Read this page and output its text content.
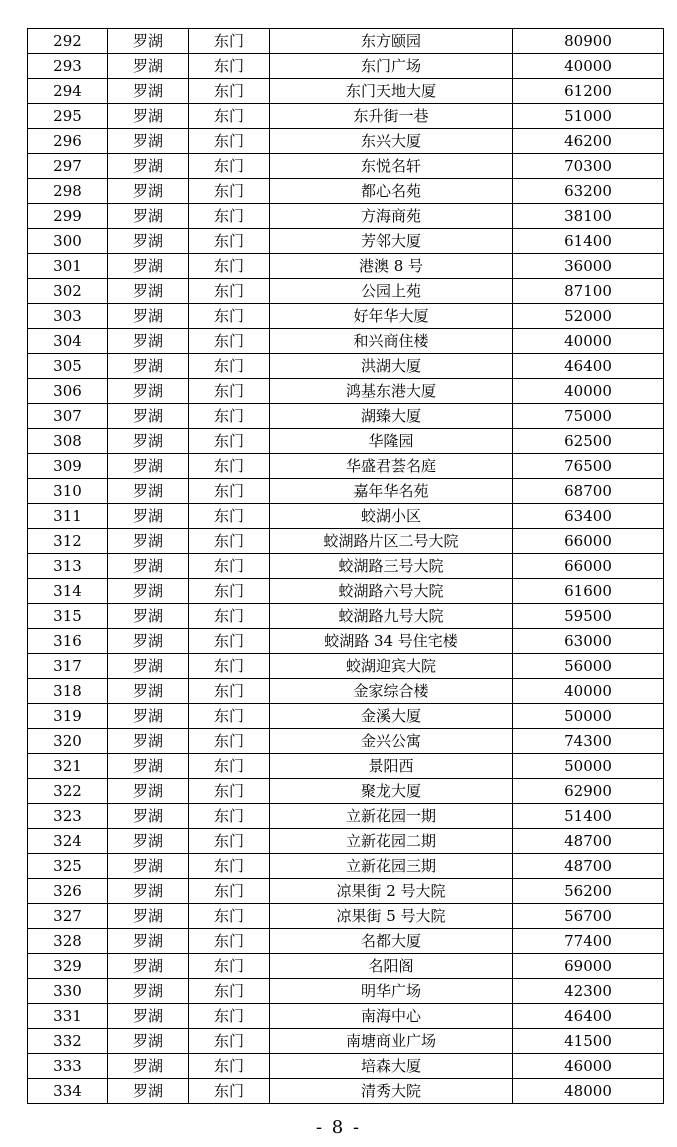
292	罗湖	东门	东方颐园	80900
293	罗湖	东门	东门广场	40000
294	罗湖	东门	东门天地大厦	61200
295	罗湖	东门	东升街一巷	51000
296	罗湖	东门	东兴大厦	46200
297	罗湖	东门	东悦名轩	70300
298	罗湖	东门	都心名苑	63200
299	罗湖	东门	方海商苑	38100
300	罗湖	东门	芳邻大厦	61400
301	罗湖	东门	港澳 8 号	36000
302	罗湖	东门	公园上苑	87100
303	罗湖	东门	好年华大厦	52000
304	罗湖	东门	和兴商住楼	40000
305	罗湖	东门	洪湖大厦	46400
306	罗湖	东门	鸿基东港大厦	40000
307	罗湖	东门	湖臻大厦	75000
308	罗湖	东门	华隆园	62500
309	罗湖	东门	华盛君荟名庭	76500
310	罗湖	东门	嘉年华名苑	68700
311	罗湖	东门	蛟湖小区	63400
312	罗湖	东门	蛟湖路片区二号大院	66000
313	罗湖	东门	蛟湖路三号大院	66000
314	罗湖	东门	蛟湖路六号大院	61600
315	罗湖	东门	蛟湖路九号大院	59500
316	罗湖	东门	蛟湖路 34 号住宅楼	63000
317	罗湖	东门	蛟湖迎宾大院	56000
318	罗湖	东门	金家综合楼	40000
319	罗湖	东门	金溪大厦	50000
320	罗湖	东门	金兴公寓	74300
321	罗湖	东门	景阳西	50000
322	罗湖	东门	聚龙大厦	62900
323	罗湖	东门	立新花园一期	51400
324	罗湖	东门	立新花园二期	48700
325	罗湖	东门	立新花园三期	48700
326	罗湖	东门	凉果街 2 号大院	56200
327	罗湖	东门	凉果街 5 号大院	56700
328	罗湖	东门	名都大厦	77400
329	罗湖	东门	名阳阁	69000
330	罗湖	东门	明华广场	42300
331	罗湖	东门	南海中心	46400
332	罗湖	东门	南塘商业广场	41500
333	罗湖	东门	培森大厦	46000
334	罗湖	东门	清秀大院	48000
- 8 -
